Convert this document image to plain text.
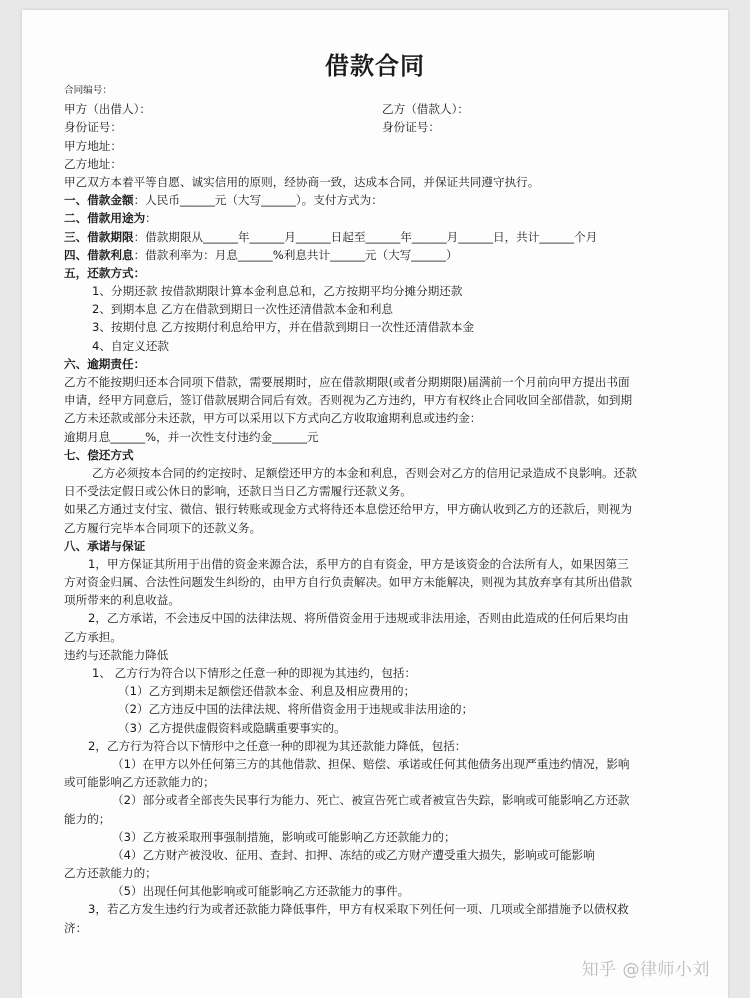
借款合同
合同编号：
甲方（出借人）：	乙方（借款人）：
身份证号：	身份证号：
甲方地址：
乙方地址：
甲乙双方本着平等自愿、诚实信用的原则，经协商一致，达成本合同，并保证共同遵守执行。
一、借款金额：人民币______元（大写______）。支付方式为：
二、借款用途为：
三、借款期限：借款期限从______年______月______日起至______年______月______日，共计______个月
四、借款利息：借款利率为：月息______%利息共计______元（大写______）
五，还款方式：
1、分期还款 按借款期限计算本金利息总和，乙方按期平均分摊分期还款
2、到期本息 乙方在借款到期日一次性还清借款本金和利息
3、按期付息 乙方按期付利息给甲方，并在借款到期日一次性还清借款本金
4、自定义还款
六、逾期责任：
乙方不能按期归还本合同项下借款，需要展期时，应在借款期限(或者分期期限)届满前一个月前向甲方提出书面
申请，经甲方同意后，签订借款展期合同后有效。否则视为乙方违约，甲方有权终止合同收回全部借款，如到期
乙方未还款或部分未还款，甲方可以采用以下方式向乙方收取逾期利息或违约金：
逾期月息______%，并一次性支付违约金______元
七、偿还方式
乙方必须按本合同的约定按时、足额偿还甲方的本金和利息，否则会对乙方的信用记录造成不良影响。还款
日不受法定假日或公休日的影响，还款日当日乙方需履行还款义务。
如果乙方通过支付宝、微信、银行转账或现金方式将待还本息偿还给甲方，甲方确认收到乙方的还款后，则视为
乙方履行完毕本合同项下的还款义务。
八、承诺与保证
1，甲方保证其所用于出借的资金来源合法，系甲方的自有资金，甲方是该资金的合法所有人，如果因第三
方对资金归属、合法性问题发生纠纷的，由甲方自行负责解决。如甲方未能解决，则视为其放弃享有其所出借款
项所带来的利息收益。
2，乙方承诺，不会违反中国的法律法规、将所借资金用于违规或非法用途，否则由此造成的任何后果均由
乙方承担。
违约与还款能力降低
1、 乙方行为符合以下情形之任意一种的即视为其违约，包括：
（1）乙方到期未足额偿还借款本金、利息及相应费用的；
（2）乙方违反中国的法律法规、将所借资金用于违规或非法用途的；
（3）乙方提供虚假资料或隐瞒重要事实的。
2，乙方行为符合以下情形中之任意一种的即视为其还款能力降低，包括：
（1）在甲方以外任何第三方的其他借款、担保、赔偿、承诺或任何其他债务出现严重违约情况，影响
或可能影响乙方还款能力的；
（2）部分或者全部丧失民事行为能力、死亡、被宣告死亡或者被宣告失踪，影响或可能影响乙方还款
能力的；
（3）乙方被采取刑事强制措施，影响或可能影响乙方还款能力的；
（4）乙方财产被没收、征用、查封、扣押、冻结的或乙方财产遭受重大损失，影响或可能影响
乙方还款能力的；
（5）出现任何其他影响或可能影响乙方还款能力的事件。
3，若乙方发生违约行为或者还款能力降低事件，甲方有权采取下列任何一项、几项或全部措施予以债权救
济：
知乎 @律师小刘
